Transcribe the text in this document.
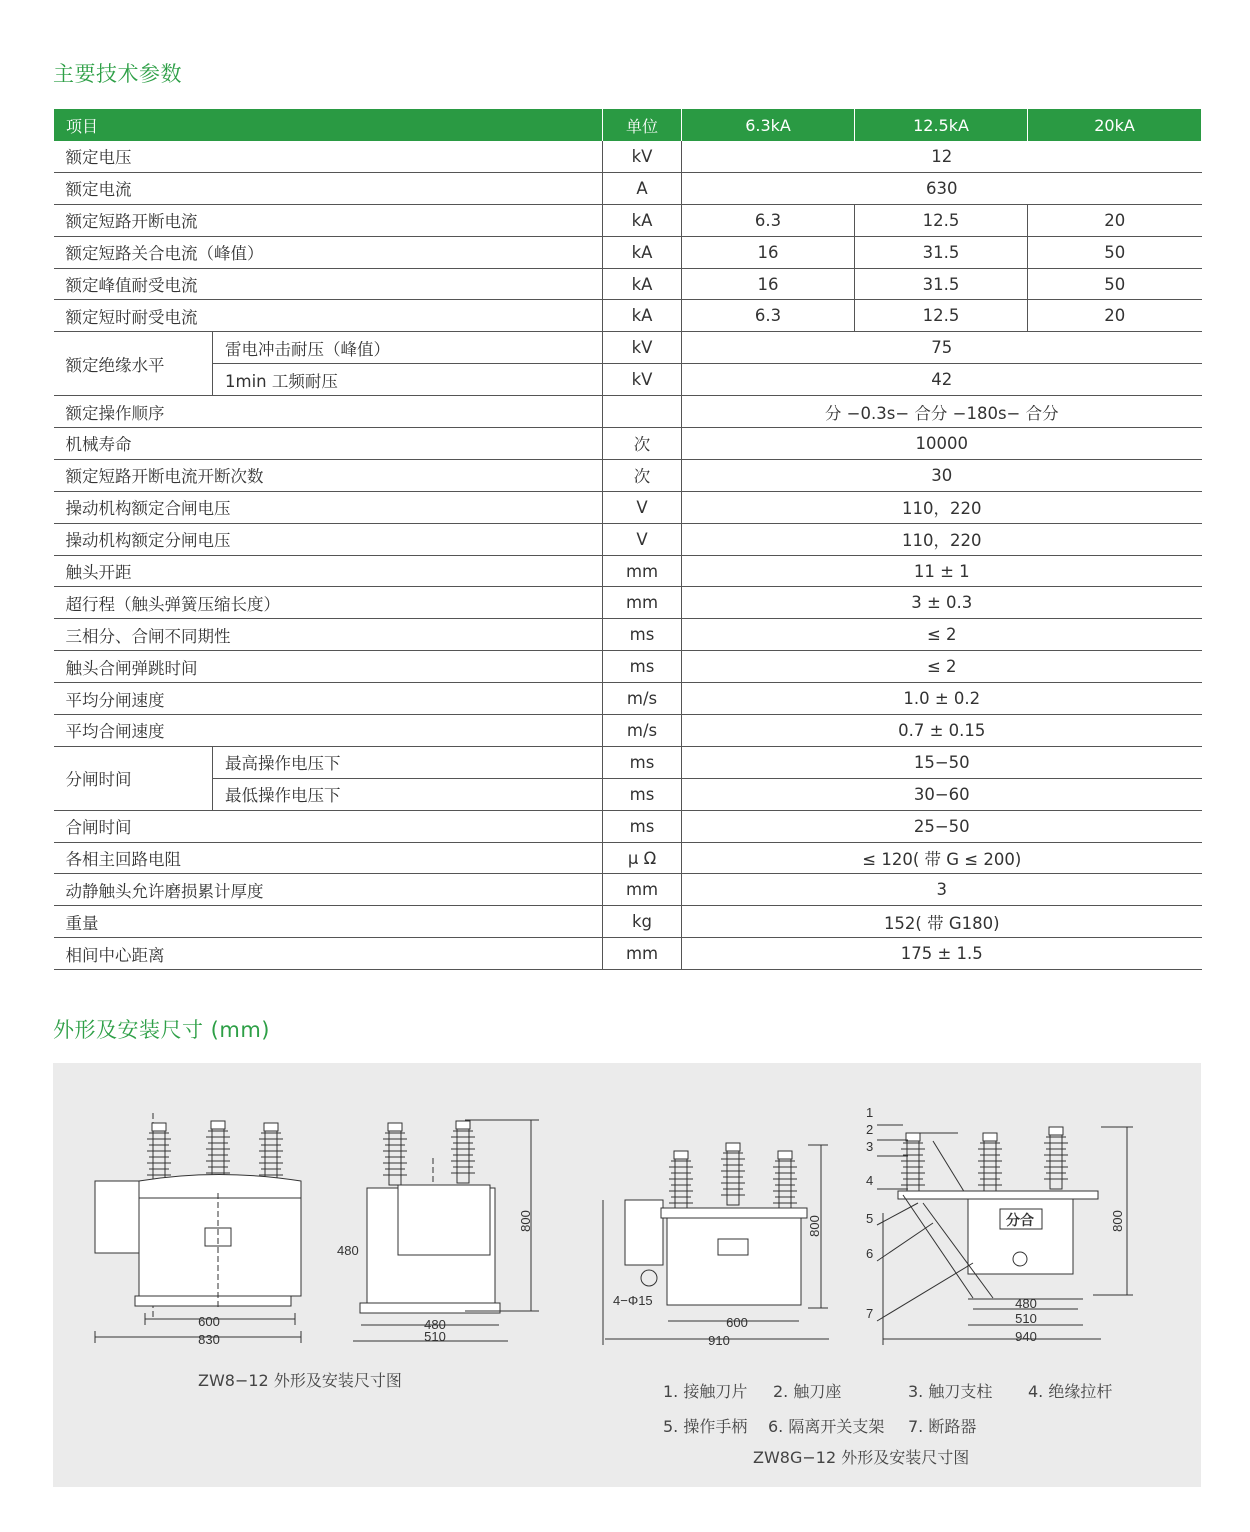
主要技术参数
项目		单位	6.3kA	12.5kA	20kA
额定电压		kV	12		
额定电流		A	630		
额定短路开断电流		kA	6.3	12.5	20
额定短路关合电流（峰值）		kA	16	31.5	50
额定峰值耐受电流		kA	16	31.5	50
额定短时耐受电流		kA	6.3	12.5	20
额定绝缘水平	雷电冲击耐压（峰值）	kV	75		
	1min 工频耐压	kV	42		
额定操作顺序			分 −0.3s− 合分 −180s− 合分		
机械寿命		次	10000		
额定短路开断电流开断次数		次	30		
操动机构额定合闸电压		V	110，220		
操动机构额定分闸电压		V	110，220		
触头开距		mm	11 ± 1		
超行程（触头弹簧压缩长度）		mm	3 ± 0.3		
三相分、合闸不同期性		ms	≤ 2		
触头合闸弹跳时间		ms	≤ 2		
平均分闸速度		m/s	1.0 ± 0.2		
平均合闸速度		m/s	0.7 ± 0.15		
分闸时间	最高操作电压下	ms	15−50		
	最低操作电压下	ms	30−60		
合闸时间		ms	25−50		
各相主回路电阻		μ Ω	≤ 120( 带 G ≤ 200)		
动静触头允许磨损累计厚度		mm	3		
重量		kg	152( 带 G180)		
相间中心距离		mm	175 ± 1.5		
外形及安装尺寸 (mm)
分合
600
830
480
480
510
800
4−Φ15
600
910
800
480
510
940
800
1
2
3
4
5
6
7
ZW8−12 外形及安装尺寸图
1. 接触刀片 2. 触刀座	3. 触刀支柱 4. 绝缘拉杆
5. 操作手柄 6. 隔离开关支架 7. 断路器
ZW8G−12 外形及安装尺寸图
